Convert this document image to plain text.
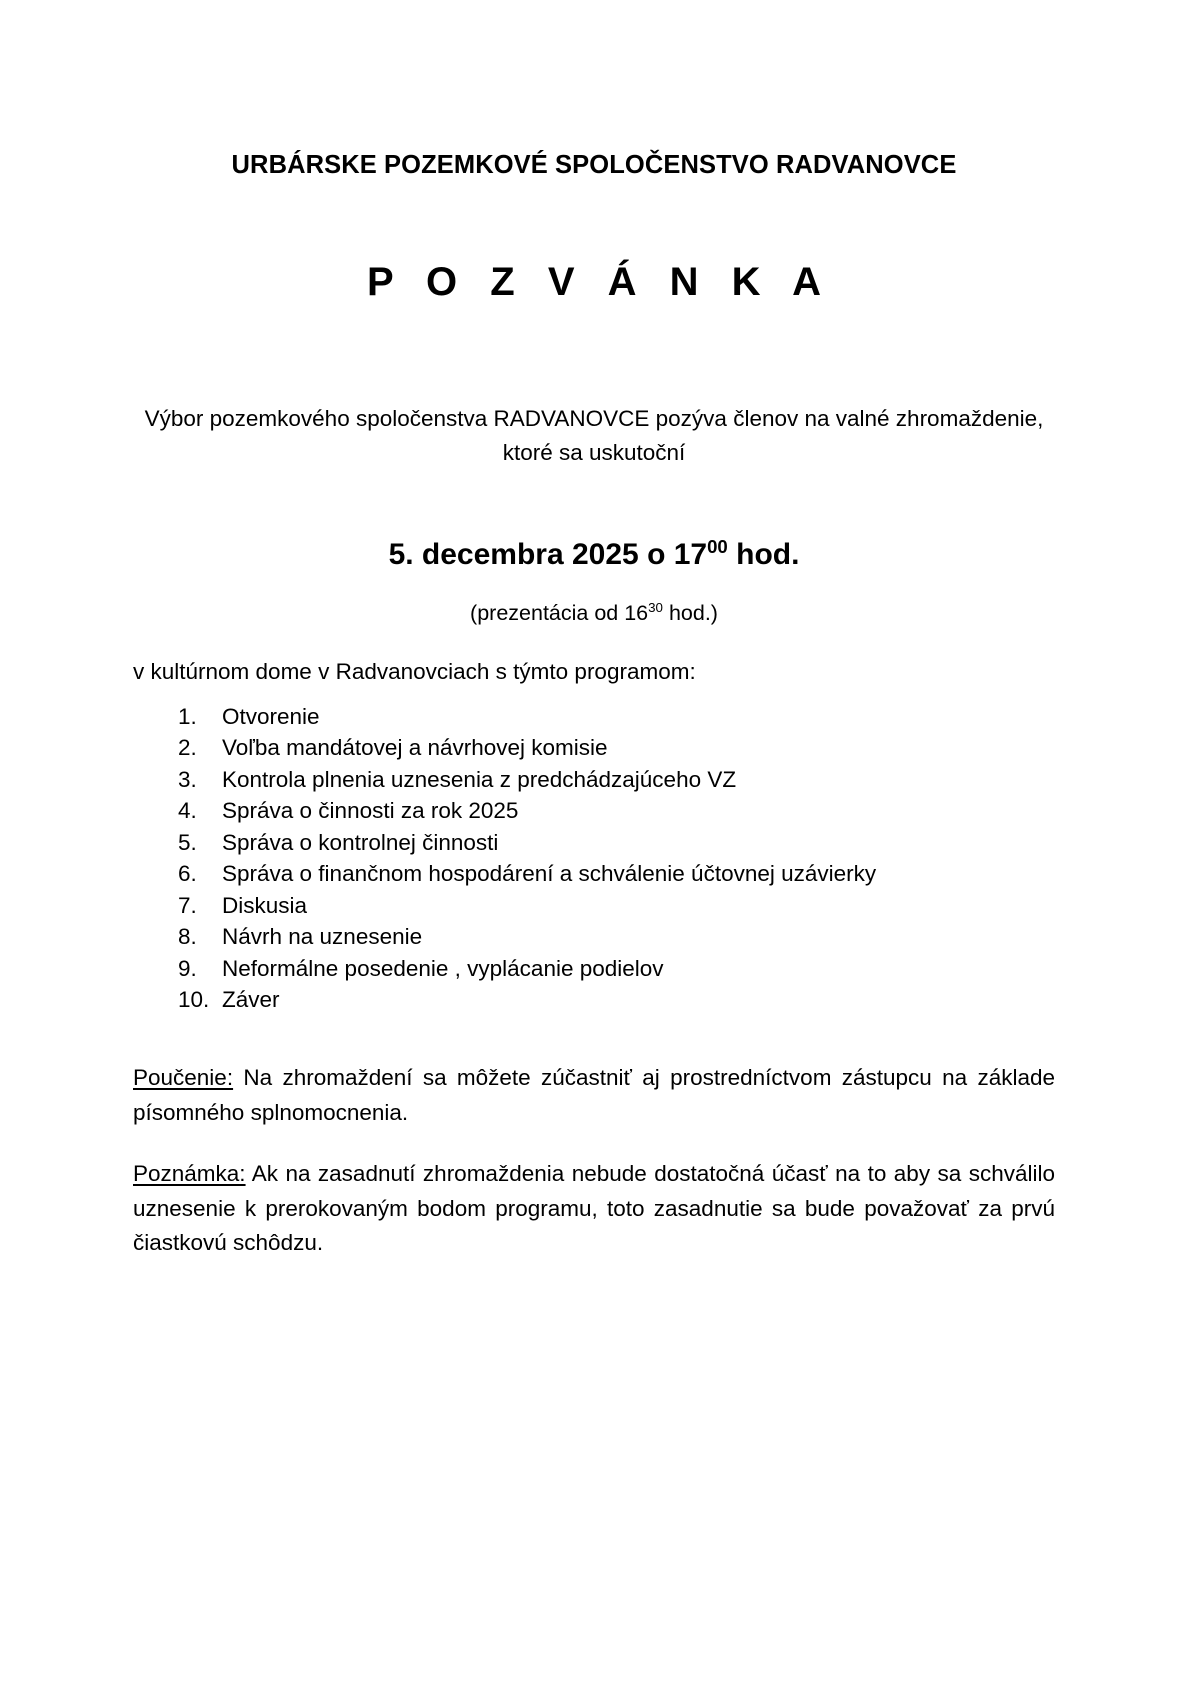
URBÁRSKE POZEMKOVÉ SPOLOČENSTVO RADVANOVCE
P O Z V Á N K A

Výbor pozemkového spoločenstva RADVANOVCE pozýva členov na valné zhromaždenie, ktoré sa uskutoční

5. decembra 2025 o $17^{00}$ hod.

(prezentácia od $16^{30}$ hod.)

v kultúrnom dome v Radvanovciach s týmto programom:

1.	Otvorenie
2.	Voľba mandátovej a návrhovej komisie
3.	Kontrola plnenia uznesenia z predchádzajúceho VZ
4.	Správa o činnosti za rok 2025
5.	Správa o kontrolnej činnosti
6.	Správa o finančnom hospodárení a schválenie účtovnej uzávierky
7.	Diskusia
8.	Návrh na uznesenie
9.	Neformálne posedenie , vyplácanie podielov
10. Záver

Poučenie: Na zhromaždení sa môžete zúčastniť aj prostredníctvom zástupcu na základe písomného splnomocnenia.

Poznámka: Ak na zasadnutí zhromaždenia nebude dostatočná účasť na to aby sa schválilo uznesenie k prerokovaným bodom programu, toto zasadnutie sa bude považovať za prvú čiastkovú schôdzu.
